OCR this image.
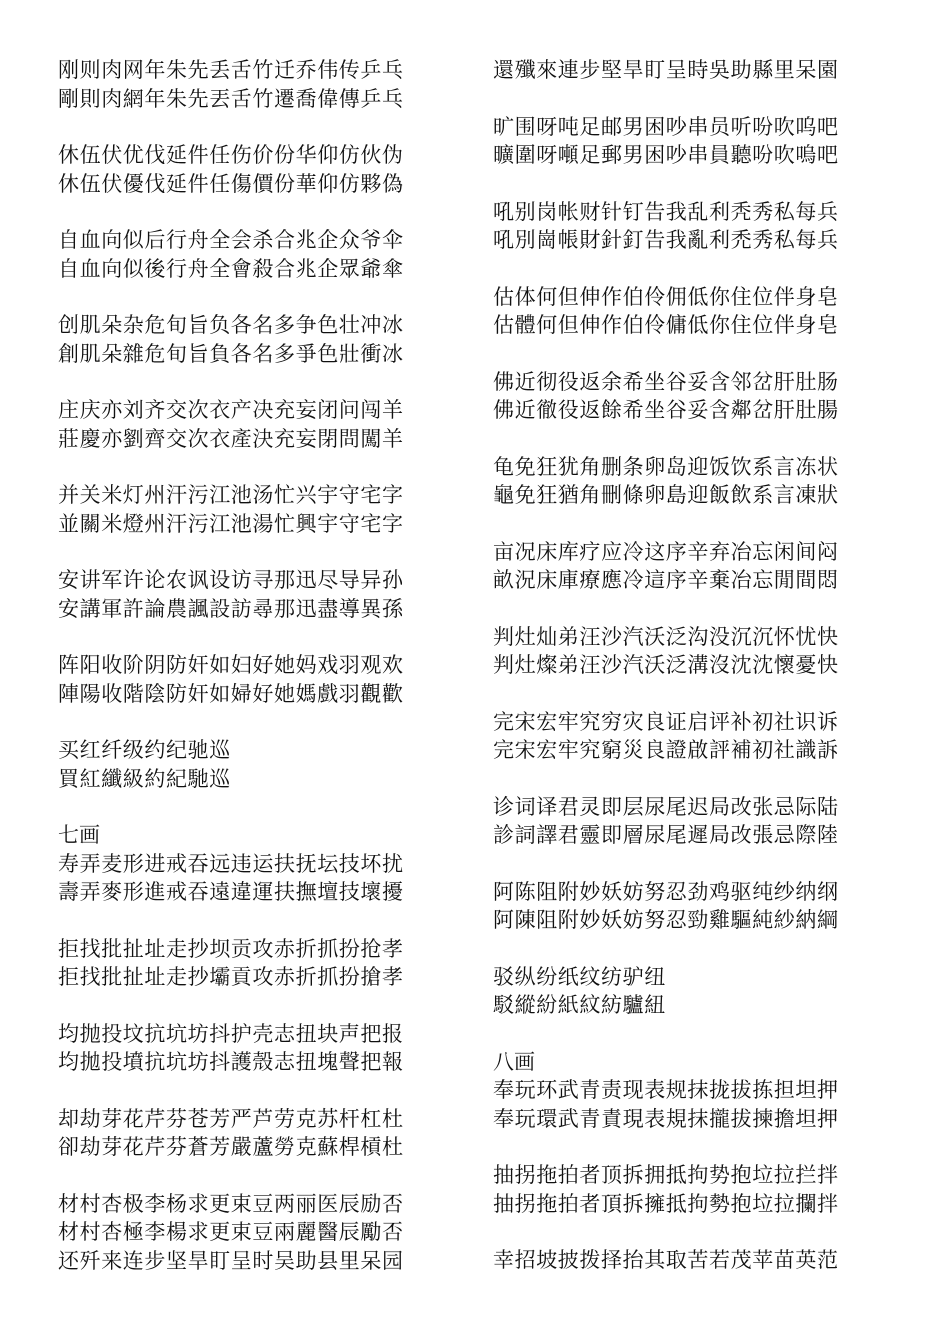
刚则肉网年朱先丢舌竹迁乔伟传乒乓
剛則肉網年朱先丟舌竹遷喬偉傳乒乓
休伍伏优伐延件任伤价份华仰仿伙伪
休伍伏優伐延件任傷價份華仰仿夥偽
自血向似后行舟全会杀合兆企众爷伞
自血向似後行舟全會殺合兆企眾爺傘
创肌朵杂危旬旨负各名多争色壮冲冰
創肌朵雜危旬旨負各名多爭色壯衝冰
庄庆亦刘齐交次衣产决充妄闭问闯羊
莊慶亦劉齊交次衣產決充妄閉問闖羊
并关米灯州汗污江池汤忙兴宇守宅字
並關米燈州汗污江池湯忙興宇守宅字
安讲军许论农讽设访寻那迅尽导异孙
安講軍許論農諷設訪尋那迅盡導異孫
阵阳收阶阴防奸如妇好她妈戏羽观欢
陣陽收階陰防奸如婦好她媽戲羽觀歡
买红纤级约纪驰巡
買紅纖級約紀馳巡
七画
寿弄麦形进戒吞远违运扶抚坛技坏扰
壽弄麥形進戒吞遠違運扶撫壇技壞擾
拒找批扯址走抄坝贡攻赤折抓扮抢孝
拒找批扯址走抄壩貢攻赤折抓扮搶孝
均抛投坟抗坑坊抖护壳志扭块声把报
均拋投墳抗坑坊抖護殼志扭塊聲把報
却劫芽花芹芬苍芳严芦劳克苏杆杠杜
卻劫芽花芹芬蒼芳嚴蘆勞克蘇桿槓杜
材村杏极李杨求更束豆两丽医辰励否
材村杏極李楊求更束豆兩麗醫辰勵否
还歼来连步坚旱盯呈时吴助县里呆园
還殲來連步堅旱盯呈時吳助縣里呆園
旷围呀吨足邮男困吵串员听吩吹呜吧
曠圍呀噸足郵男困吵串員聽吩吹嗚吧
吼别岗帐财针钉告我乱利秃秀私每兵
吼別崗帳財針釘告我亂利禿秀私每兵
估体何但伸作伯伶佣低你住位伴身皂
估體何但伸作伯伶傭低你住位伴身皂
佛近彻役返余希坐谷妥含邻岔肝肚肠
佛近徹役返餘希坐谷妥含鄰岔肝肚腸
龟免狂犹角删条卵岛迎饭饮系言冻状
龜免狂猶角刪條卵島迎飯飲系言凍狀
亩况床库疗应冷这序辛弃冶忘闲间闷
畝況床庫療應冷這序辛棄冶忘閒間悶
判灶灿弟汪沙汽沃泛沟没沉沉怀忧快
判灶燦弟汪沙汽沃泛溝沒沈沈懷憂快
完宋宏牢究穷灾良证启评补初社识诉
完宋宏牢究窮災良證啟評補初社識訴
诊词译君灵即层尿尾迟局改张忌际陆
診詞譯君靈即層尿尾遲局改張忌際陸
阿陈阻附妙妖妨努忍劲鸡驱纯纱纳纲
阿陳阻附妙妖妨努忍勁雞驅純紗納綱
驳纵纷纸纹纺驴纽
駁縱紛紙紋紡驢紐
八画
奉玩环武青责现表规抹拢拔拣担坦押
奉玩環武青責現表規抹攏拔揀擔坦押
抽拐拖拍者顶拆拥抵拘势抱垃拉拦拌
抽拐拖拍者頂拆擁抵拘勢抱垃拉攔拌
幸招坡披拨择抬其取苦若茂苹苗英范
